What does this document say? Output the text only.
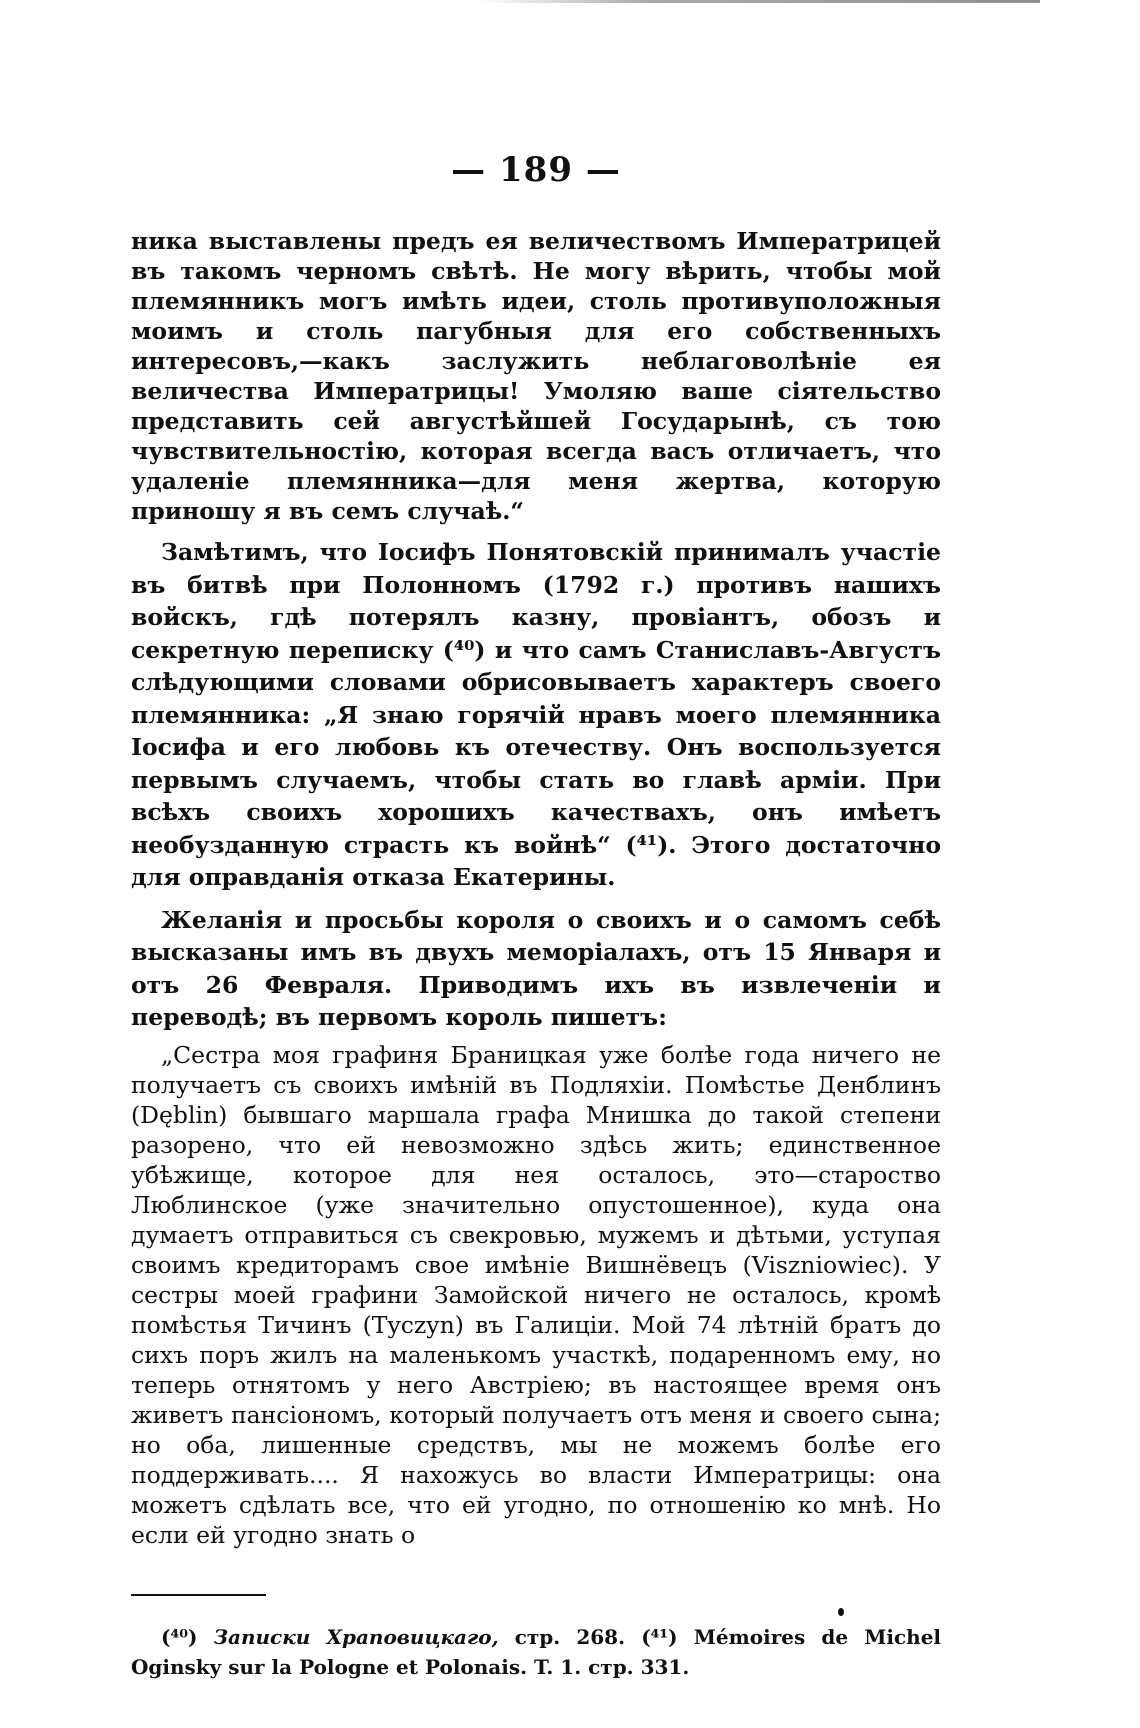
— 189 —

ника выставлены предъ ея величествомъ Императрицей въ такомъ черномъ свѣтѣ. Не могу вѣрить, чтобы мой племянникъ могъ имѣть идеи, столь противуположныя моимъ и столь пагубныя для его собственныхъ интересовъ,—какъ заслужить неблаговолѣніе ея величества Императрицы! Умоляю ваше сіятельство представить сей августѣйшей Государынѣ, съ тою чувствительностію, которая всегда васъ отличаетъ, что удаленіе племянника—для меня жертва, которую приношу я въ семъ случаѣ.“

Замѣтимъ, что Іосифъ Понятовскій принималъ участіе въ битвѣ при Полонномъ (1792 г.) противъ нашихъ войскъ, гдѣ потерялъ казну, провіантъ, обозъ и секретную переписку (⁴⁰) и что самъ Станиславъ-Августъ слѣдующими словами обрисовываетъ характеръ своего племянника: „Я знаю горячій нравъ моего племянника Іосифа и его любовь къ отечеству. Онъ воспользуется первымъ случаемъ, чтобы стать во главѣ арміи. При всѣхъ своихъ хорошихъ качествахъ, онъ имѣетъ необузданную страсть къ войнѣ“ (⁴¹). Этого достаточно для оправданія отказа Екатерины.

Желанія и просьбы короля о своихъ и о самомъ себѣ высказаны имъ въ двухъ меморіалахъ, отъ 15 Января и отъ 26 Февраля. Приводимъ ихъ въ извлеченіи и переводѣ; въ первомъ король пишетъ:

„Сестра моя графиня Браницкая уже болѣе года ничего не получаетъ съ своихъ имѣній въ Подляхіи. Помѣстье Денблинъ (Dęblin) бывшаго маршала графа Мнишка до такой степени разорено, что ей невозможно здѣсь жить; единственное убѣжище, которое для нея осталось, это—староство Люблинское (уже значительно опустошенное), куда она думаетъ отправиться съ свекровью, мужемъ и дѣтьми, уступая своимъ кредиторамъ свое имѣніе Вишнёвецъ (Viszniowiec). У сестры моей графини Замойской ничего не осталось, кромѣ помѣстья Тичинъ (Tyczyn) въ Галиціи. Мой 74 лѣтній братъ до сихъ поръ жилъ на маленькомъ участкѣ, подаренномъ ему, но теперь отнятомъ у него Австріею; въ настоящее время онъ живетъ пансіономъ, который получаетъ отъ меня и своего сына; но оба, лишенные средствъ, мы не можемъ болѣе его поддерживать.... Я нахожусь во власти Императрицы: она можетъ сдѣлать все, что ей угодно, по отношенію ко мнѣ. Но если ей угодно знать о

(⁴⁰) Записки Храповицкаго, стр. 268. (⁴¹) Mémoires de Michel Oginsky sur la Pologne et Polonais. T. 1. стр. 331.
